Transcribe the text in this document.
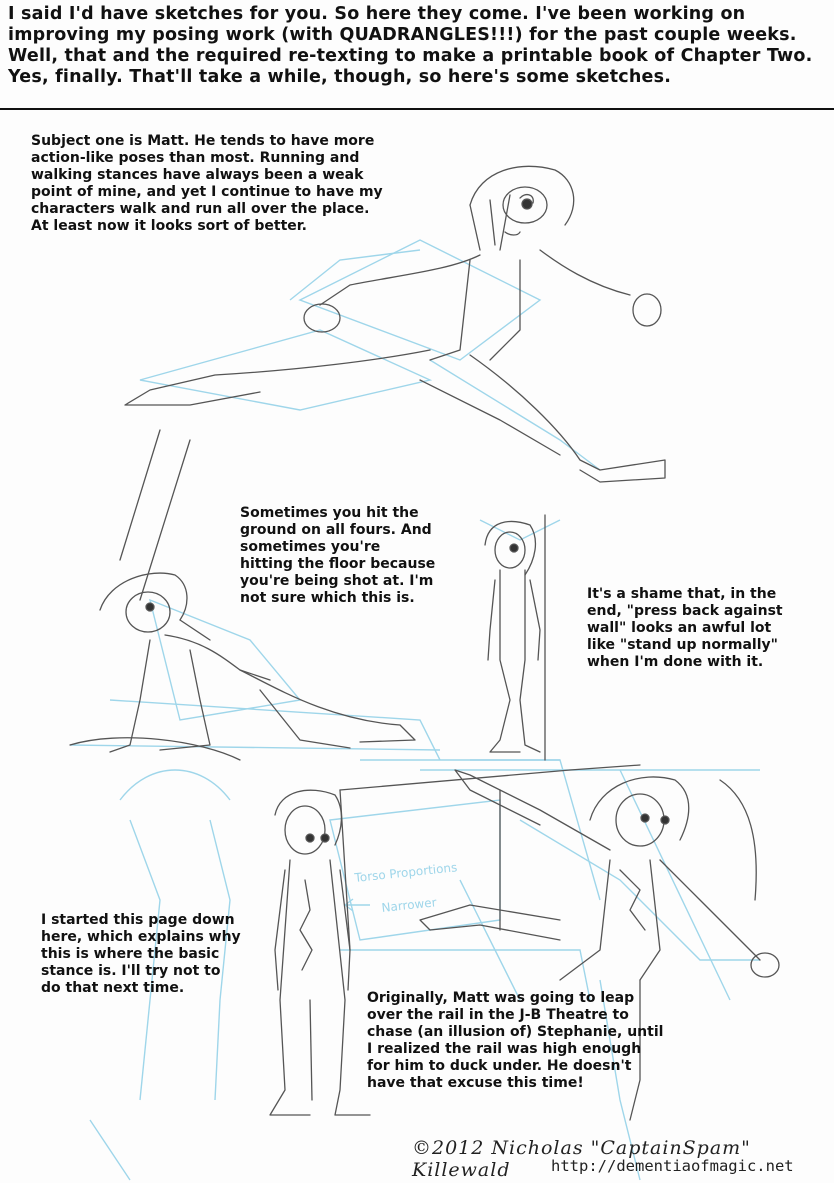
I said I'd have sketches for you. So here they come. I've been working on improving my posing work (with QUADRANGLES!!!) for the past couple weeks. Well, that and the required re-texting to make a printable book of Chapter Two. Yes, finally. That'll take a while, though, so here's some sketches.
Torso Proportions
Narrower
Subject one is Matt. He tends to have more action-like poses than most. Running and walking stances have always been a weak point of mine, and yet I continue to have my characters walk and run all over the place. At least now it looks sort of better.
Sometimes you hit the ground on all fours. And sometimes you're hitting the floor because you're being shot at. I'm not sure which this is.	It's a shame that, in the end, "press back against wall" looks an awful lot like "stand up normally" when I'm done with it.
I started this page down here, which explains why this is where the basic stance is. I'll try not to do that next time.
Originally, Matt was going to leap over the rail in the J-B Theatre to chase (an illusion of) Stephanie, until I realized the rail was high enough for him to duck under. He doesn't have that excuse this time!
©2012 Nicholas "CaptainSpam" Killewald	http://dementiaofmagic.net
